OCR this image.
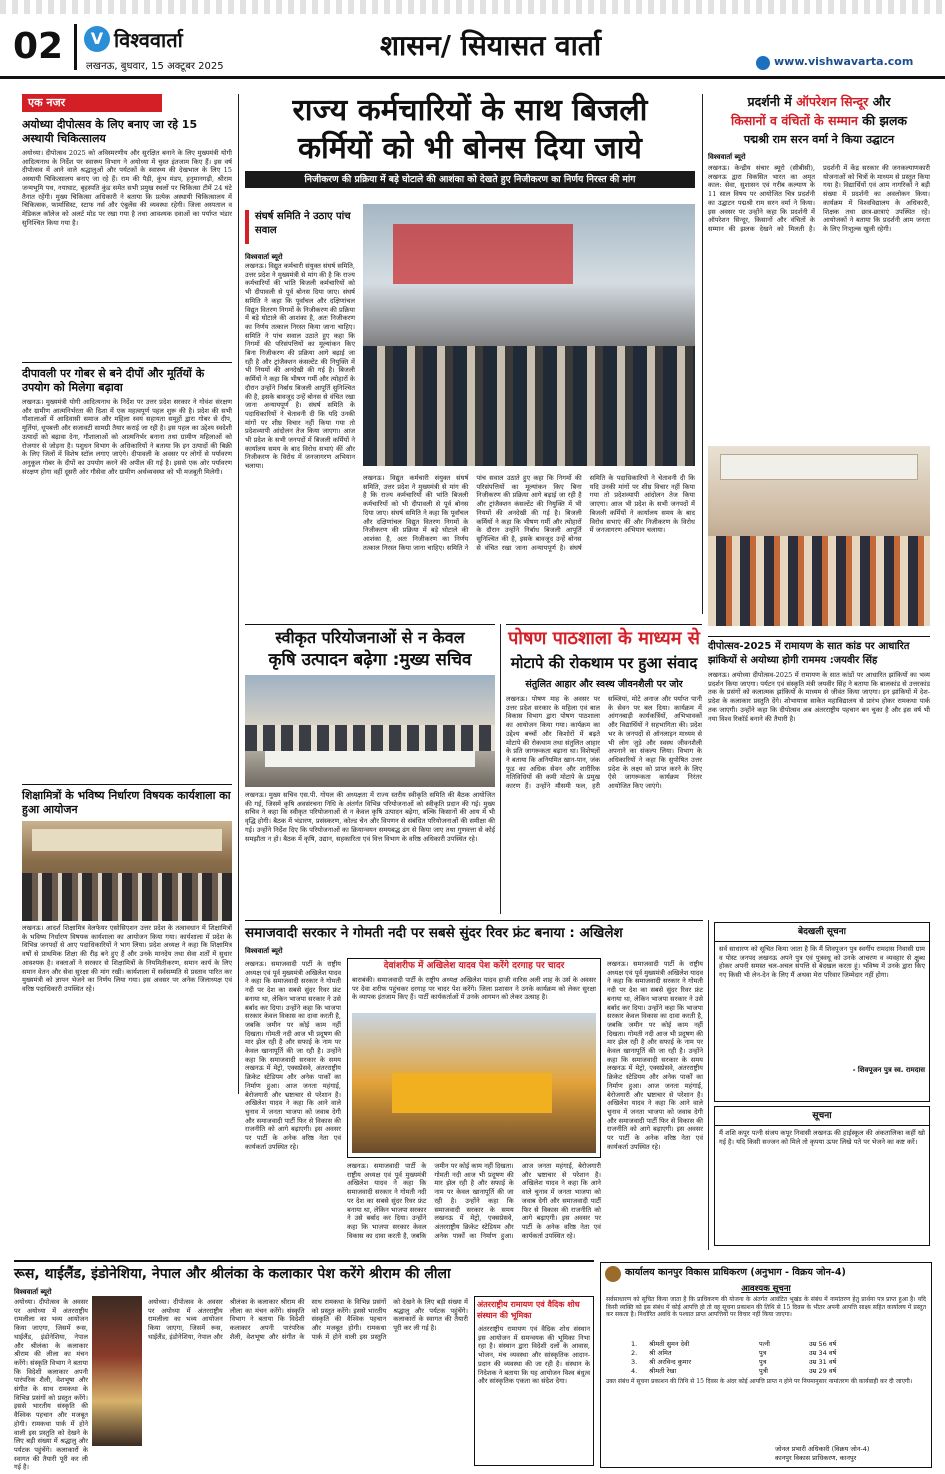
02	V विश्ववार्ता
लखनऊ, बुधवार, 15 अक्टूबर 2025
शासन/ सियासत वार्ता	www.vishwavarta.com
एक नजर
अयोध्या दीपोत्सव के लिए बनाए जा रहे 15 अस्थायी चिकित्सालय
अयोध्या। दीपोत्सव 2025 को अविस्मरणीय और सुरक्षित बनाने के लिए मुख्यमंत्री योगी आदित्यनाथ के निर्देश पर स्वास्थ्य विभाग ने अयोध्या में चुस्त इंतजाम किए हैं। इस वर्ष दीपोत्सव में आने वाले श्रद्धालुओं और पर्यटकों के स्वास्थ्य की देखभाल के लिए 15 अस्थायी चिकित्सालय बनाए जा रहे हैं। राम की पैड़ी, कुंभ मंडप, हनुमानगढ़ी, श्रीराम जन्मभूमि पथ, नयाघाट, बृहस्पति कुंड समेत सभी प्रमुख स्थलों पर चिकित्सा टीमें 24 घंटे तैनात रहेंगी। मुख्य चिकित्सा अधिकारी ने बताया कि प्रत्येक अस्थायी चिकित्सालय में चिकित्सक, फार्मासिस्ट, स्टाफ नर्स और एंबुलेंस की व्यवस्था रहेगी। जिला अस्पताल व मेडिकल कॉलेज को अलर्ट मोड पर रखा गया है तथा आवश्यक दवाओं का पर्याप्त भंडार सुनिश्चित किया गया है।
दीपावली पर गोबर से बने दीपों और मूर्तियों के उपयोग को मिलेगा बढ़ावा
लखनऊ। मुख्यमंत्री योगी आदित्यनाथ के निर्देश पर उत्तर प्रदेश सरकार ने गोवंश संरक्षण और ग्रामीण आत्मनिर्भरता की दिशा में एक महत्वपूर्ण पहल शुरू की है। प्रदेश की सभी गौशालाओं में आदिवासी समाज और महिला स्वयं सहायता समूहों द्वारा गोबर से दीप, मूर्तियां, धूपबत्ती और सजावटी सामग्री तैयार कराई जा रही है। इस पहल का उद्देश्य स्वदेशी उत्पादों को बढ़ावा देना, गौशालाओं को आत्मनिर्भर बनाना तथा ग्रामीण महिलाओं को रोजगार से जोड़ना है। पशुधन विभाग के अधिकारियों ने बताया कि इन उत्पादों की बिक्री के लिए जिलों में विशेष स्टॉल लगाए जाएंगे। दीपावली के अवसर पर लोगों से पर्यावरण अनुकूल गोबर के दीपों का उपयोग करने की अपील की गई है। इससे एक ओर पर्यावरण संरक्षण होगा वहीं दूसरी ओर गौसेवा और ग्रामीण अर्थव्यवस्था को भी मजबूती मिलेगी।
शिक्षामित्रों के भविष्य निर्धारण विषयक कार्यशाला का हुआ आयोजन
लखनऊ। आदर्श शिक्षामित्र वेलफेयर एसोसिएशन उत्तर प्रदेश के तत्वावधान में शिक्षामित्रों के भविष्य निर्धारण विषयक कार्यशाला का आयोजन किया गया। कार्यशाला में प्रदेश के विभिन्न जनपदों से आए पदाधिकारियों ने भाग लिया। प्रदेश अध्यक्ष ने कहा कि शिक्षामित्र वर्षों से प्राथमिक शिक्षा की रीढ़ बने हुए हैं और उनके मानदेय तथा सेवा शर्तों में सुधार आवश्यक है। वक्ताओं ने सरकार से शिक्षामित्रों के नियमितीकरण, समान कार्य के लिए समान वेतन और सेवा सुरक्षा की मांग रखी। कार्यशाला में सर्वसम्मति से प्रस्ताव पारित कर मुख्यमंत्री को ज्ञापन भेजने का निर्णय लिया गया। इस अवसर पर अनेक जिलाध्यक्ष एवं वरिष्ठ पदाधिकारी उपस्थित रहे।
राज्य कर्मचारियों के साथ बिजली
कर्मियों को भी बोनस दिया जाये
निजीकरण की प्रक्रिया में बड़े घोटाले की आशंका को देखते हुए निजीकरण का निर्णय निरस्त की मांग
संघर्ष समिति ने उठाए पांच सवाल
विश्ववार्ता ब्यूरो
लखनऊ। विद्युत कर्मचारी संयुक्त संघर्ष समिति, उत्तर प्रदेश ने मुख्यमंत्री से मांग की है कि राज्य कर्मचारियों की भांति बिजली कर्मचारियों को भी दीपावली से पूर्व बोनस दिया जाए। संघर्ष समिति ने कहा कि पूर्वांचल और दक्षिणांचल विद्युत वितरण निगमों के निजीकरण की प्रक्रिया में बड़े घोटाले की आशंका है, अतः निजीकरण का निर्णय तत्काल निरस्त किया जाना चाहिए। समिति ने पांच सवाल उठाते हुए कहा कि निगमों की परिसंपत्तियों का मूल्यांकन किए बिना निजीकरण की प्रक्रिया आगे बढ़ाई जा रही है और ट्रांजैक्शन कंसल्टेंट की नियुक्ति में भी नियमों की अनदेखी की गई है। बिजली कर्मियों ने कहा कि भीषण गर्मी और त्योहारों के दौरान उन्होंने निर्बाध बिजली आपूर्ति सुनिश्चित की है, इसके बावजूद उन्हें बोनस से वंचित रखा जाना अन्यायपूर्ण है। संघर्ष समिति के पदाधिकारियों ने चेतावनी दी कि यदि उनकी मांगों पर शीघ्र विचार नहीं किया गया तो प्रदेशव्यापी आंदोलन तेज किया जाएगा। आज भी प्रदेश के सभी जनपदों में बिजली कर्मियों ने कार्यालय समय के बाद विरोध सभाएं कीं और निजीकरण के विरोध में जनजागरण अभियान चलाया।
लखनऊ। विद्युत कर्मचारी संयुक्त संघर्ष समिति, उत्तर प्रदेश ने मुख्यमंत्री से मांग की है कि राज्य कर्मचारियों की भांति बिजली कर्मचारियों को भी दीपावली से पूर्व बोनस दिया जाए। संघर्ष समिति ने कहा कि पूर्वांचल और दक्षिणांचल विद्युत वितरण निगमों के निजीकरण की प्रक्रिया में बड़े घोटाले की आशंका है, अतः निजीकरण का निर्णय तत्काल निरस्त किया जाना चाहिए। समिति ने पांच सवाल उठाते हुए कहा कि निगमों की परिसंपत्तियों का मूल्यांकन किए बिना निजीकरण की प्रक्रिया आगे बढ़ाई जा रही है और ट्रांजैक्शन कंसल्टेंट की नियुक्ति में भी नियमों की अनदेखी की गई है। बिजली कर्मियों ने कहा कि भीषण गर्मी और त्योहारों के दौरान उन्होंने निर्बाध बिजली आपूर्ति सुनिश्चित की है, इसके बावजूद उन्हें बोनस से वंचित रखा जाना अन्यायपूर्ण है। संघर्ष समिति के पदाधिकारियों ने चेतावनी दी कि यदि उनकी मांगों पर शीघ्र विचार नहीं किया गया तो प्रदेशव्यापी आंदोलन तेज किया जाएगा। आज भी प्रदेश के सभी जनपदों में बिजली कर्मियों ने कार्यालय समय के बाद विरोध सभाएं कीं और निजीकरण के विरोध में जनजागरण अभियान चलाया।
प्रदर्शनी में ऑपरेशन सिन्दूर और
किसानों व वंचितों के सम्मान की झलक
पद्मश्री राम सरन वर्मा ने किया उद्घाटन
विश्ववार्ता ब्यूरो
लखनऊ। केन्द्रीय संचार ब्यूरो (सीबीसी), लखनऊ द्वारा विकसित भारत का अमृत काल: सेवा, सुशासन एवं गरीब कल्याण के 11 साल विषय पर आयोजित चित्र प्रदर्शनी का उद्घाटन पद्मश्री राम सरन वर्मा ने किया। इस अवसर पर उन्होंने कहा कि प्रदर्शनी में ऑपरेशन सिन्दूर, किसानों और वंचितों के सम्मान की झलक देखने को मिलती है। प्रदर्शनी में केंद्र सरकार की जनकल्याणकारी योजनाओं को चित्रों के माध्यम से प्रस्तुत किया गया है। विद्यार्थियों एवं आम नागरिकों ने बड़ी संख्या में प्रदर्शनी का अवलोकन किया। कार्यक्रम में विश्वविद्यालय के अधिकारी, शिक्षक तथा छात्र-छात्राएं उपस्थित रहे। आयोजकों ने बताया कि प्रदर्शनी आम जनता के लिए निःशुल्क खुली रहेगी।
दीपोत्सव-2025 में रामायण के सात कांड पर आधारित झांकियों से अयोध्या होगी राममय :जयवीर सिंह
लखनऊ। अयोध्या दीपोत्सव-2025 में रामायण के सात कांडों पर आधारित झांकियों का भव्य प्रदर्शन किया जाएगा। पर्यटन एवं संस्कृति मंत्री जयवीर सिंह ने बताया कि बालकांड से उत्तरकांड तक के प्रसंगों को कलात्मक झांकियों के माध्यम से जीवंत किया जाएगा। इन झांकियों में देश-प्रदेश के कलाकार प्रस्तुति देंगे। शोभायात्रा साकेत महाविद्यालय से प्रारंभ होकर रामकथा पार्क तक जाएगी। उन्होंने कहा कि दीपोत्सव अब अंतरराष्ट्रीय पहचान बन चुका है और इस वर्ष भी नया विश्व रिकॉर्ड बनाने की तैयारी है।
स्वीकृत परियोजनाओं से न केवल
कृषि उत्पादन बढ़ेगा :मुख्य सचिव
लखनऊ। मुख्य सचिव एस.पी. गोयल की अध्यक्षता में राज्य स्तरीय स्वीकृति समिति की बैठक आयोजित की गई, जिसमें कृषि अवसंरचना निधि के अंतर्गत विभिन्न परियोजनाओं को स्वीकृति प्रदान की गई। मुख्य सचिव ने कहा कि स्वीकृत परियोजनाओं से न केवल कृषि उत्पादन बढ़ेगा, बल्कि किसानों की आय में भी वृद्धि होगी। बैठक में भंडारण, प्रसंस्करण, कोल्ड चेन और विपणन से संबंधित परियोजनाओं की समीक्षा की गई। उन्होंने निर्देश दिए कि परियोजनाओं का क्रियान्वयन समयबद्ध ढंग से किया जाए तथा गुणवत्ता से कोई समझौता न हो। बैठक में कृषि, उद्यान, सहकारिता एवं वित्त विभाग के वरिष्ठ अधिकारी उपस्थित रहे।
पोषण पाठशाला के माध्यम से
मोटापे की रोकथाम पर हुआ संवाद
संतुलित आहार और स्वस्थ जीवनशैली पर जोर
लखनऊ। पोषण माह के अवसर पर उत्तर प्रदेश सरकार के महिला एवं बाल विकास विभाग द्वारा पोषण पाठशाला का आयोजन किया गया। कार्यक्रम का उद्देश्य बच्चों और किशोरों में बढ़ते मोटापे की रोकथाम तथा संतुलित आहार के प्रति जागरूकता बढ़ाना था। विशेषज्ञों ने बताया कि अनियमित खान-पान, जंक फूड का अधिक सेवन और शारीरिक गतिविधियों की कमी मोटापे के प्रमुख कारण हैं। उन्होंने मौसमी फल, हरी सब्जियां, मोटे अनाज और पर्याप्त पानी के सेवन पर बल दिया। कार्यक्रम में आंगनबाड़ी कार्यकर्त्रियों, अभिभावकों और विद्यार्थियों ने सहभागिता की। प्रदेश भर के जनपदों से ऑनलाइन माध्यम से भी लोग जुड़े और स्वस्थ जीवनशैली अपनाने का संकल्प लिया। विभाग के अधिकारियों ने कहा कि सुपोषित उत्तर प्रदेश के लक्ष्य को प्राप्त करने के लिए ऐसे जागरूकता कार्यक्रम निरंतर आयोजित किए जाएंगे।
समाजवादी सरकार ने गोमती नदी पर सबसे सुंदर रिवर फ्रंट बनाया : अखिलेश
विश्ववार्ता ब्यूरो
लखनऊ। समाजवादी पार्टी के राष्ट्रीय अध्यक्ष एवं पूर्व मुख्यमंत्री अखिलेश यादव ने कहा कि समाजवादी सरकार ने गोमती नदी पर देश का सबसे सुंदर रिवर फ्रंट बनाया था, लेकिन भाजपा सरकार ने उसे बर्बाद कर दिया। उन्होंने कहा कि भाजपा सरकार केवल विकास का दावा करती है, जबकि जमीन पर कोई काम नहीं दिखता। गोमती नदी आज भी प्रदूषण की मार झेल रही है और सफाई के नाम पर केवल खानापूर्ति की जा रही है। उन्होंने कहा कि समाजवादी सरकार के समय लखनऊ में मेट्रो, एक्सप्रेसवे, अंतरराष्ट्रीय क्रिकेट स्टेडियम और अनेक पार्कों का निर्माण हुआ। आज जनता महंगाई, बेरोजगारी और भ्रष्टाचार से परेशान है। अखिलेश यादव ने कहा कि आने वाले चुनाव में जनता भाजपा को जवाब देगी और समाजवादी पार्टी फिर से विकास की राजनीति को आगे बढ़ाएगी। इस अवसर पर पार्टी के अनेक वरिष्ठ नेता एवं कार्यकर्ता उपस्थित रहे।
देवांशरीफ में अखिलेश यादव पेश करेंगे दरगाह पर चादर
बाराबंकी। समाजवादी पार्टी के राष्ट्रीय अध्यक्ष अखिलेश यादव हाजी वारिस अली शाह के उर्स के अवसर पर देवा शरीफ पहुंचकर दरगाह पर चादर पेश करेंगे। जिला प्रशासन ने उनके कार्यक्रम को लेकर सुरक्षा के व्यापक इंतजाम किए हैं। पार्टी कार्यकर्ताओं में उनके आगमन को लेकर उत्साह है।
लखनऊ। समाजवादी पार्टी के राष्ट्रीय अध्यक्ष एवं पूर्व मुख्यमंत्री अखिलेश यादव ने कहा कि समाजवादी सरकार ने गोमती नदी पर देश का सबसे सुंदर रिवर फ्रंट बनाया था, लेकिन भाजपा सरकार ने उसे बर्बाद कर दिया। उन्होंने कहा कि भाजपा सरकार केवल विकास का दावा करती है, जबकि जमीन पर कोई काम नहीं दिखता। गोमती नदी आज भी प्रदूषण की मार झेल रही है और सफाई के नाम पर केवल खानापूर्ति की जा रही है। उन्होंने कहा कि समाजवादी सरकार के समय लखनऊ में मेट्रो, एक्सप्रेसवे, अंतरराष्ट्रीय क्रिकेट स्टेडियम और अनेक पार्कों का निर्माण हुआ। आज जनता महंगाई, बेरोजगारी और भ्रष्टाचार से परेशान है। अखिलेश यादव ने कहा कि आने वाले चुनाव में जनता भाजपा को जवाब देगी और समाजवादी पार्टी फिर से विकास की राजनीति को आगे बढ़ाएगी। इस अवसर पर पार्टी के अनेक वरिष्ठ नेता एवं कार्यकर्ता उपस्थित रहे।
लखनऊ। समाजवादी पार्टी के राष्ट्रीय अध्यक्ष एवं पूर्व मुख्यमंत्री अखिलेश यादव ने कहा कि समाजवादी सरकार ने गोमती नदी पर देश का सबसे सुंदर रिवर फ्रंट बनाया था, लेकिन भाजपा सरकार ने उसे बर्बाद कर दिया। उन्होंने कहा कि भाजपा सरकार केवल विकास का दावा करती है, जबकि जमीन पर कोई काम नहीं दिखता। गोमती नदी आज भी प्रदूषण की मार झेल रही है और सफाई के नाम पर केवल खानापूर्ति की जा रही है। उन्होंने कहा कि समाजवादी सरकार के समय लखनऊ में मेट्रो, एक्सप्रेसवे, अंतरराष्ट्रीय क्रिकेट स्टेडियम और अनेक पार्कों का निर्माण हुआ। आज जनता महंगाई, बेरोजगारी और भ्रष्टाचार से परेशान है। अखिलेश यादव ने कहा कि आने वाले चुनाव में जनता भाजपा को जवाब देगी और समाजवादी पार्टी फिर से विकास की राजनीति को आगे बढ़ाएगी। इस अवसर पर पार्टी के अनेक वरिष्ठ नेता एवं कार्यकर्ता उपस्थित रहे।
बेदखली सूचना
सर्व साधारण को सूचित किया जाता है कि मैं शिवपूजन पुत्र स्वर्गीय रामदास निवासी ग्राम व पोस्ट जनपद लखनऊ अपने पुत्र एवं पुत्रवधू को उनके आचरण व व्यवहार से क्षुब्ध होकर अपनी समस्त चल-अचल संपत्ति से बेदखल करता हूं। भविष्य में उनके द्वारा किए गए किसी भी लेन-देन के लिए मैं अथवा मेरा परिवार जिम्मेदार नहीं होगा।
- शिवपूजन पुत्र स्व. रामदास
सूचना
मैं शशि कपूर पत्नी संजय कपूर निवासी लखनऊ की हाईस्कूल की अंकतालिका कहीं खो गई है। यदि किसी सज्जन को मिले तो कृपया ऊपर लिखे पते पर भेजने का कष्ट करें।
रूस, थाईलैंड, इंडोनेशिया, नेपाल और श्रीलंका के कलाकार पेश करेंगे श्रीराम की लीला
विश्ववार्ता ब्यूरो
अयोध्या। दीपोत्सव के अवसर पर अयोध्या में अंतरराष्ट्रीय रामलीला का भव्य आयोजन किया जाएगा, जिसमें रूस, थाईलैंड, इंडोनेशिया, नेपाल और श्रीलंका के कलाकार श्रीराम की लीला का मंचन करेंगे। संस्कृति विभाग ने बताया कि विदेशी कलाकार अपनी पारंपरिक शैली, वेशभूषा और संगीत के साथ रामकथा के विभिन्न प्रसंगों को प्रस्तुत करेंगे। इससे भारतीय संस्कृति की वैश्विक पहचान और मजबूत होगी। रामकथा पार्क में होने वाली इस प्रस्तुति को देखने के लिए बड़ी संख्या में श्रद्धालु और पर्यटक पहुंचेंगे। कलाकारों के स्वागत की तैयारी पूरी कर ली गई है।
अयोध्या। दीपोत्सव के अवसर पर अयोध्या में अंतरराष्ट्रीय रामलीला का भव्य आयोजन किया जाएगा, जिसमें रूस, थाईलैंड, इंडोनेशिया, नेपाल और श्रीलंका के कलाकार श्रीराम की लीला का मंचन करेंगे। संस्कृति विभाग ने बताया कि विदेशी कलाकार अपनी पारंपरिक शैली, वेशभूषा और संगीत के साथ रामकथा के विभिन्न प्रसंगों को प्रस्तुत करेंगे। इससे भारतीय संस्कृति की वैश्विक पहचान और मजबूत होगी। रामकथा पार्क में होने वाली इस प्रस्तुति को देखने के लिए बड़ी संख्या में श्रद्धालु और पर्यटक पहुंचेंगे। कलाकारों के स्वागत की तैयारी पूरी कर ली गई है।
अंतरराष्ट्रीय रामायण एवं वैदिक शोध संस्थान की भूमिका
अंतरराष्ट्रीय रामायण एवं वैदिक शोध संस्थान इस आयोजन में समन्वयक की भूमिका निभा रहा है। संस्थान द्वारा विदेशी दलों के आवास, भोजन, मंच व्यवस्था और सांस्कृतिक आदान-प्रदान की व्यवस्था की जा रही है। संस्थान के निदेशक ने बताया कि यह आयोजन विश्व बंधुत्व और सांस्कृतिक एकता का संदेश देगा।
कार्यालय कानपुर विकास प्राधिकरण (अनुभाग - विक्रय जोन-4)
आवश्यक सूचना
सर्वसाधारण को सूचित किया जाता है कि प्राधिकरण की योजना के अंतर्गत आवंटित भूखंड के संबंध में नामांतरण हेतु प्रार्थना पत्र प्राप्त हुआ है। यदि किसी व्यक्ति को इस संबंध में कोई आपत्ति हो तो वह सूचना प्रकाशन की तिथि से 15 दिवस के भीतर अपनी आपत्ति साक्ष्य सहित कार्यालय में प्रस्तुत कर सकता है। निर्धारित अवधि के पश्चात प्राप्त आपत्तियों पर विचार नहीं किया जाएगा।
1.	श्रीमती सुमन देवी	पत्नी	उम्र 56 वर्ष
2.	श्री अमित	पुत्र	उम्र 34 वर्ष
3.	श्री अरविन्द कुमार	पुत्र	उम्र 31 वर्ष
4.	श्रीमती रेखा	पुत्री	उम्र 29 वर्ष
उक्त संबंध में सूचना प्रकाशन की तिथि से 15 दिवस के अंदर कोई आपत्ति प्राप्त न होने पर नियमानुसार नामांतरण की कार्यवाही कर दी जाएगी।
जोनल प्रभारी अधिकारी (विक्रय जोन-4)
कानपुर विकास प्राधिकरण, कानपुर
